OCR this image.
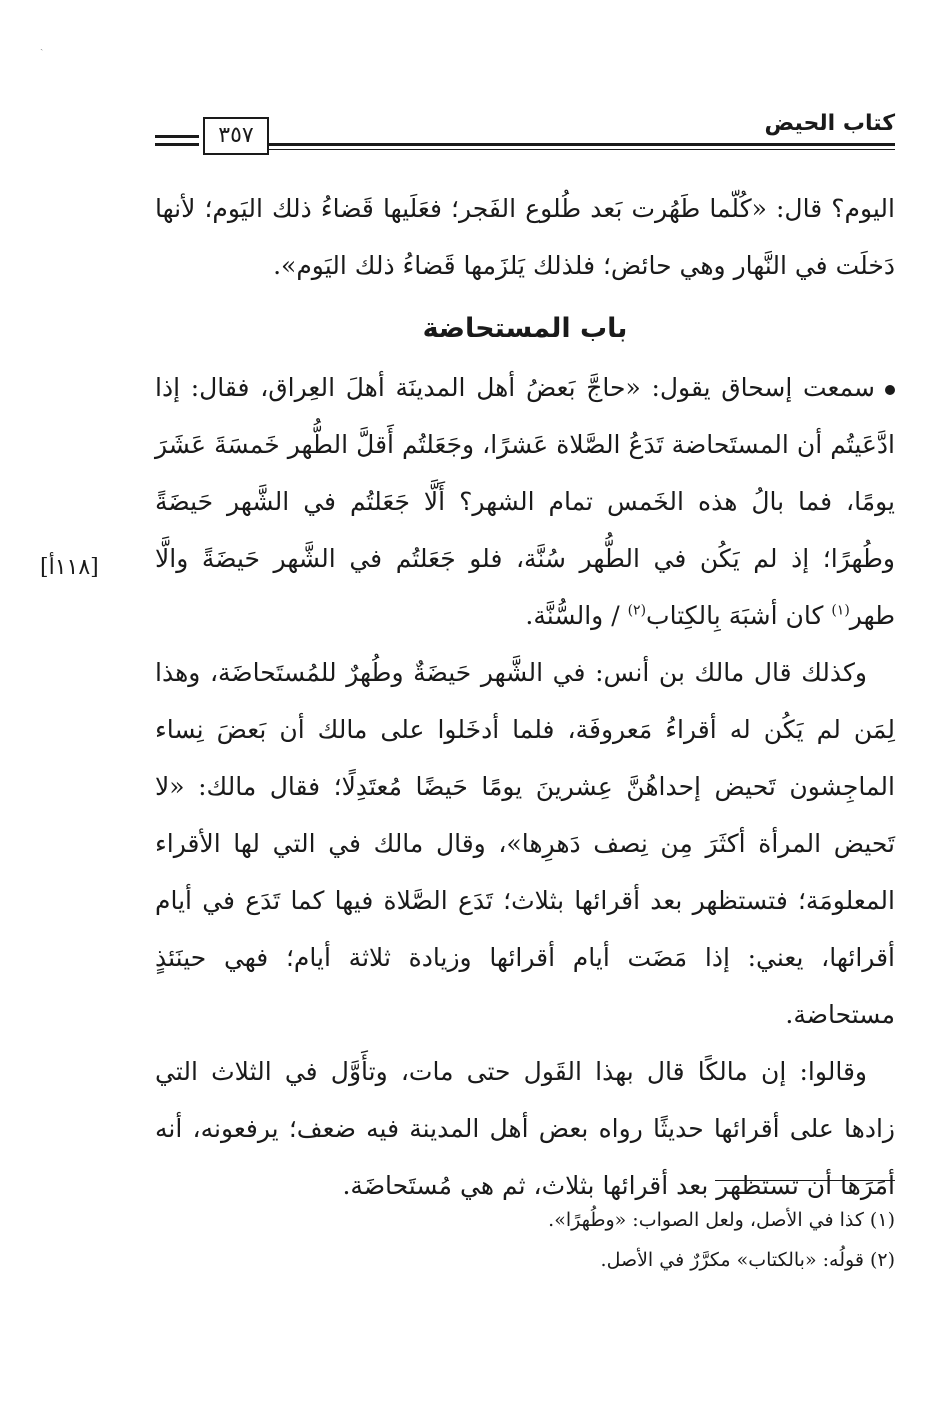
ˏ
كتاب الحيض
٣٥٧
[١١٨أ]

اليوم؟ قال: «كُلّما طَهُرت بَعد طُلوع الفَجر؛ فعَلَيها قَضاءُ ذلك اليَوم؛ لأنها دَخلَت في النَّهار وهي حائض؛ فلذلك يَلزَمها قَضاءُ ذلك اليَوم».

باب المستحاضة

سمعت إسحاق يقول: «حاجَّ بَعضُ أهل المدينَة أهلَ العِراق، فقال: إذا ادَّعَيتُم أن المستَحاضة تَدَعُ الصَّلاة عَشرًا، وجَعَلتُم أَقلَّ الطُّهر خَمسَةَ عَشَرَ يومًا، فما بالُ هذه الخَمس تمام الشهر؟ أَلَّا جَعَلتُم في الشَّهر حَيضَةً وطُهرًا؛ إذ لم يَكُن في الطُّهر سُنَّة، فلو جَعَلتُم في الشَّهر حَيضَةً والَّا طهر$^{(١)}$ كان أشبَهَ بِالكِتاب$^{(٢)}$ / والسُّنَّة.

وكذلك قال مالك بن أنس: في الشَّهر حَيضَةٌ وطُهرٌ للمُستَحاضَة، وهذا لِمَن لم يَكُن له أقراءُ مَعروفَة، فلما أدخَلوا على مالك أن بَعضَ نِساء الماجِشون تَحيض إحداهُنَّ عِشرينَ يومًا حَيضًا مُعتَدِلًا؛ فقال مالك: «لا تَحيض المرأة أكثَرَ مِن نِصف دَهرِها»، وقال مالك في التي لها الأقراء المعلومَة؛ فتستظهر بعد أقرائها بثلاث؛ تَدَع الصَّلاة فيها كما تَدَع في أيام أقرائها، يعني: إذا مَضَت أيام أقرائها وزيادة ثلاثة أيام؛ فهي حينَئذٍ مستحاضة.

وقالوا: إن مالكًا قال بهذا القَول حتى مات، وتأَوَّل في الثلاث التي زادها على أقرائها حديثًا رواه بعض أهل المدينة فيه ضعف؛ يرفعونه، أنه أمَرَها أن تستظهر بعد أقرائها بثلاث، ثم هي مُستَحاضَة.

(١) كذا في الأصل، ولعل الصواب: «وطُهرًا».

(٢) قولُه: «بالكتاب» مكرَّرٌ في الأصل.
